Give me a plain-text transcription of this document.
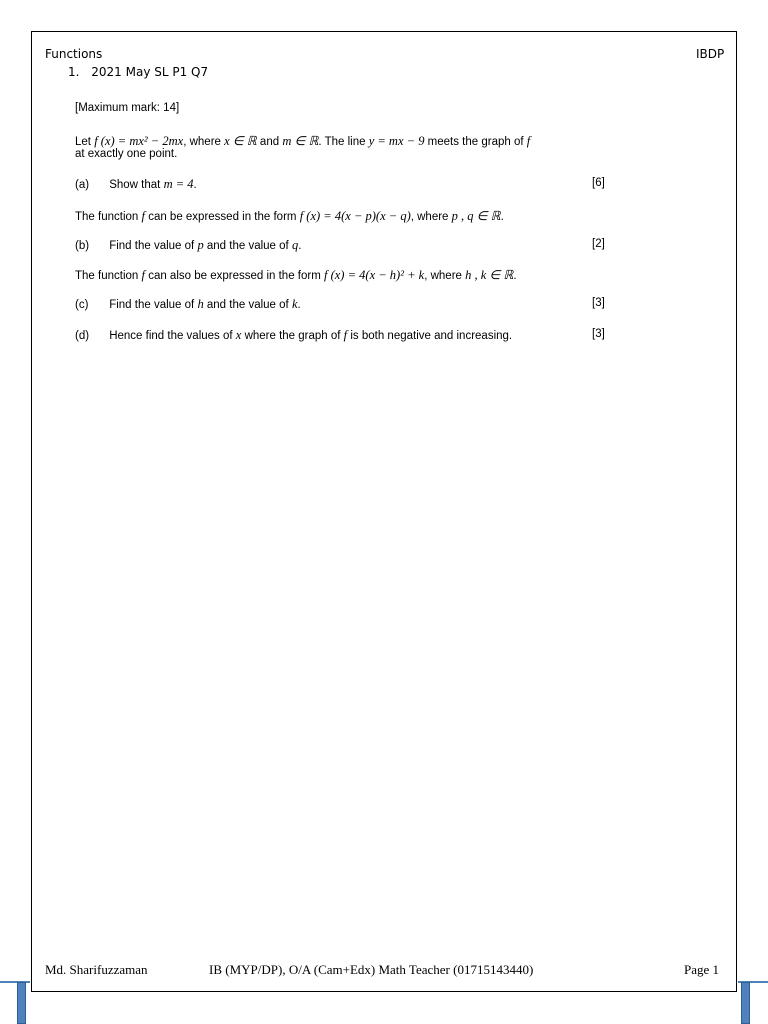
Functions	IBDP
1. 2021 May SL P1 Q7
[Maximum mark: 14]
Let f (x) = mx² − 2mx, where x ∈ ℝ and m ∈ ℝ. The line y = mx − 9 meets the graph of f
at exactly one point.
(a) Show that m = 4.	[6]
The function f can be expressed in the form f (x) = 4(x − p)(x − q), where p , q ∈ ℝ.
(b) Find the value of p and the value of q.	[2]
The function f can also be expressed in the form f (x) = 4(x − h)² + k, where h , k ∈ ℝ.
(c) Find the value of h and the value of k.	[3]
(d) Hence find the values of x where the graph of f is both negative and increasing.	[3]
Md. Sharifuzzaman	IB (MYP/DP), O/A (Cam+Edx) Math Teacher (01715143440)	Page 1
